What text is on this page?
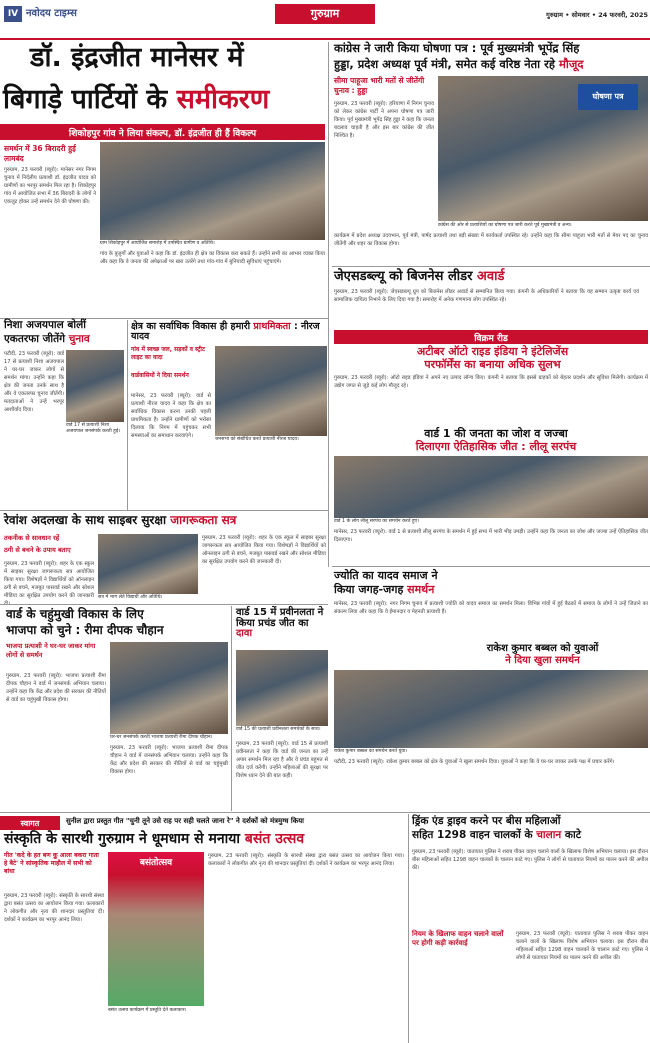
IV नवोदय टाइम्स	गुरुग्राम	गुरुग्राम • सोमवार • 24 फरवरी, 2025
डॉ. इंद्रजीत मानेसर में
बिगाड़े पार्टियों के समीकरण
शिकोहपुर गांव ने लिया संकल्प, डॉ. इंद्रजीत ही हैं विकल्प
समर्थन में 36 बिरादरी हुई लामबंद
गुरुग्राम, 23 फरवरी (ब्यूरो): मानेसर नगर निगम चुनाव में निर्दलीय प्रत्याशी डॉ. इंद्रजीत यादव को ग्रामीणों का भरपूर समर्थन मिल रहा है। शिकोहपुर गांव में आयोजित सभा में 36 बिरादरी के लोगों ने एकजुट होकर उन्हें समर्थन देने की घोषणा की।
ग्राम शिकोहपुर में आयोजित समारोह में उपस्थित ग्रामीण व अतिथि।
गांव के बुजुर्गों और युवाओं ने कहा कि डॉ. इंद्रजीत ही क्षेत्र का विकास करा सकते हैं। उन्होंने सभी का आभार व्यक्त किया और कहा कि वे जनता की अपेक्षाओं पर खरा उतरेंगे तथा गांव-गांव में बुनियादी सुविधाएं पहुंचाएंगे।
कांग्रेस ने जारी किया घोषणा पत्र : पूर्व मुख्यमंत्री भूपेंद्र सिंह
हुड्डा, प्रदेश अध्यक्ष पूर्व मंत्री, समेत कई वरिष्ठ नेता रहे मौजूद
सीमा पाहूजा भारी मतों से जीतेंगी चुनाव : हुड्डा
गुरुग्राम, 23 फरवरी (ब्यूरो): हरियाणा में निगम चुनाव को लेकर कांग्रेस पार्टी ने अपना घोषणा पत्र जारी किया। पूर्व मुख्यमंत्री भूपेंद्र सिंह हुड्डा ने कहा कि जनता बदलाव चाहती है और इस बार कांग्रेस की जीत निश्चित है।
घोषणा पत्र
कांग्रेस की ओर से प्रत्याशियों का घोषणा पत्र जारी करते पूर्व मुख्यमंत्री व अन्य।
कार्यक्रम में प्रदेश अध्यक्ष उदयभान, पूर्व मंत्री, पार्षद प्रत्याशी तथा बड़ी संख्या में कार्यकर्ता उपस्थित रहे। उन्होंने कहा कि सीमा पाहूजा भारी मतों से मेयर पद का चुनाव जीतेंगी और शहर का विकास होगा।
जेएसडब्ल्यू को बिजनेस लीडर अवार्ड
गुरुग्राम, 23 फरवरी (ब्यूरो): जेएसडब्ल्यू ग्रुप को बिजनेस लीडर अवार्ड से सम्मानित किया गया। कंपनी के अधिकारियों ने बताया कि यह सम्मान उत्कृष्ट कार्य एवं सामाजिक दायित्व निभाने के लिए दिया गया है। समारोह में अनेक गणमान्य लोग उपस्थित रहे।
विक्रम रीड
अटीबर ऑटो राइड इंडिया ने इंटेलिजेंस
परफॉर्मेंस का बनाया अधिक सुलभ
गुरुग्राम, 23 फरवरी (ब्यूरो): ऑटो राइड इंडिया ने अपने नए उत्पाद लॉन्च किए। कंपनी ने बताया कि इससे ग्राहकों को बेहतर प्रदर्शन और सुविधा मिलेगी। कार्यक्रम में उद्योग जगत से जुड़े कई लोग मौजूद रहे।
वार्ड 1 की जनता का जोश व जज्बा
दिलाएगा ऐतिहासिक जीत : लीलू सरपंच
वार्ड 1 के लोग लीलू सरपंच का समर्थन करते हुए।
मानेसर, 23 फरवरी (ब्यूरो): वार्ड 1 से प्रत्याशी लीलू सरपंच के समर्थन में हुई सभा में भारी भीड़ उमड़ी। उन्होंने कहा कि जनता का जोश और जज्बा उन्हें ऐतिहासिक जीत दिलाएगा।
निशा अजयपाल बोलीं
एकतरफा जीतेंगे चुनाव
पटौदी, 23 फरवरी (ब्यूरो): वार्ड 17 से प्रत्याशी निशा अजयपाल ने घर-घर जाकर लोगों से समर्थन मांगा। उन्होंने कहा कि क्षेत्र की जनता उनके साथ है और वे एकतरफा चुनाव जीतेंगी। मतदाताओं ने उन्हें भरपूर आशीर्वाद दिया।
वार्ड 17 से प्रत्याशी निशा अजयपाल जनसंपर्क करती हुई।
क्षेत्र का सर्वाधिक विकास ही हमारी प्राथमिकता : नीरज यादव
गांव में स्वच्छ जल, सड़कों व स्ट्रीट लाइट का वादा
वार्डवासियों ने दिया समर्थन
मानेसर, 23 फरवरी (ब्यूरो): वार्ड से प्रत्याशी नीरज यादव ने कहा कि क्षेत्र का सर्वाधिक विकास करना उनकी पहली प्राथमिकता है। उन्होंने ग्रामीणों को भरोसा दिलाया कि निगम में पहुंचकर सभी समस्याओं का समाधान करवाएंगे।
जनसभा को संबोधित करते प्रत्याशी नीरज यादव।
रेवांश अदलखा के साथ साइबर सुरक्षा जागरूकता सत्र
तकनीक से सावधान रहें
ठगी से बचने के उपाय बताए
गुरुग्राम, 23 फरवरी (ब्यूरो): शहर के एक स्कूल में साइबर सुरक्षा जागरूकता सत्र आयोजित किया गया। विशेषज्ञों ने विद्यार्थियों को ऑनलाइन ठगी से बचने, मजबूत पासवर्ड रखने और सोशल मीडिया का सुरक्षित उपयोग करने की जानकारी सत्र में भाग लेते विद्यार्थी और अतिथि।
गुरुग्राम, 23 फरवरी (ब्यूरो): शहर के एक स्कूल में साइबर सुरक्षा जागरूकता सत्र आयोजित किया गया। विशेषज्ञों ने विद्यार्थियों को ऑनलाइन ठगी से बचने, मजबूत पासवर्ड रखने और सोशल मीडिया का सुरक्षित उपयोग करने की जानकारी दी।
ज्योति का यादव समाज ने
किया जगह-जगह समर्थन
मानेसर, 23 फरवरी (ब्यूरो): नगर निगम चुनाव में प्रत्याशी ज्योति को यादव समाज का समर्थन मिला। विभिन्न गांवों में हुई बैठकों में समाज के लोगों ने उन्हें जिताने का संकल्प लिया और कहा कि वे ईमानदार व मेहनती प्रत्याशी हैं।
राकेश कुमार बब्बल को युवाओं
ने दिया खुला समर्थन
राकेश कुमार बब्बल का समर्थन करते युवा।
पटौदी, 23 फरवरी (ब्यूरो): राकेश कुमार बब्बल को क्षेत्र के युवाओं ने खुला समर्थन दिया। युवाओं ने कहा कि वे घर-घर जाकर उनके पक्ष में प्रचार करेंगे।
वार्ड के चहुंमुखी विकास के लिए
भाजपा को चुने : रीमा दीपक चौहान
भाजपा प्रत्याशी ने घर-घर जाकर मांगा लोगों से समर्थन
गुरुग्राम, 23 फरवरी (ब्यूरो): भाजपा प्रत्याशी रीमा दीपक चौहान ने वार्ड में जनसंपर्क अभियान चलाया। उन्होंने कहा कि केंद्र और प्रदेश की सरकार की नीतियों से वार्ड का चहुंमुखी विकास होगा।
घर-घर जनसंपर्क करती भाजपा प्रत्याशी रीमा दीपक चौहान।
गुरुग्राम, 23 फरवरी (ब्यूरो): भाजपा प्रत्याशी रीमा दीपक चौहान ने वार्ड में जनसंपर्क अभियान चलाया। उन्होंने कहा कि केंद्र और प्रदेश की सरकार की नीतियों से वार्ड का चहुंमुखी विकास होगा।
वार्ड 15 में प्रवीनलता ने किया प्रचंड जीत का दावा
वार्ड 15 की प्रत्याशी प्रवीनलता समर्थकों के साथ।
गुरुग्राम, 23 फरवरी (ब्यूरो): वार्ड 15 से प्रत्याशी प्रवीनलता ने कहा कि वार्ड की जनता का उन्हें अपार समर्थन मिल रहा है और वे प्रचंड बहुमत से जीत दर्ज करेंगी। उन्होंने महिलाओं की सुरक्षा पर विशेष ध्यान देने की बात कही।
स्वागत	सुनील द्वारा प्रस्तुत गीत "चुनी तूने उसे राह पर सही चलते जाना रे" ने दर्शकों को मंत्रमुग्ध किया
संस्कृति के सारथी गुरुग्राम ने धूमधाम से मनाया बसंत उत्सव
गीत 'कदे के हत बण कुू आला बकरा गाता हे बैटे' ने सांस्कृतिक माहौल में सभी को बांधा
गुरुग्राम, 23 फरवरी (ब्यूरो): संस्कृति के सारथी संस्था द्वारा बसंत उत्सव का आयोजन किया गया। कलाकारों ने लोकगीत और नृत्य की शानदार प्रस्तुतियां दीं। दर्शकों ने कार्यक्रम का भरपूर आनंद लिया।
बसंतोत्सव
बसंत उत्सव कार्यक्रम में प्रस्तुति देते कलाकार।
गुरुग्राम, 23 फरवरी (ब्यूरो): संस्कृति के सारथी संस्था द्वारा बसंत उत्सव का आयोजन किया गया। कलाकारों ने लोकगीत और नृत्य की शानदार प्रस्तुतियां दीं। दर्शकों ने कार्यक्रम का भरपूर आनंद लिया।
ड्रिंक एंड ड्राइव करने पर बीस महिलाओं
सहित 1298 वाहन चालकों के चालान काटे
गुरुग्राम, 23 फरवरी (ब्यूरो): यातायात पुलिस ने शराब पीकर वाहन चलाने वालों के खिलाफ विशेष अभियान चलाया। इस दौरान बीस महिलाओं सहित 1298 वाहन चालकों के चालान काटे गए। पुलिस ने लोगों से यातायात नियमों का पालन करने की अपील की।
नियम के खिलाफ वाहन चलाने वालों पर होगी कड़ी कार्रवाई
गुरुग्राम, 23 फरवरी (ब्यूरो): यातायात पुलिस ने शराब पीकर वाहन चलाने वालों के खिलाफ विशेष अभियान चलाया। इस दौरान बीस महिलाओं सहित 1298 वाहन चालकों के चालान काटे गए। पुलिस ने लोगों से यातायात नियमों का पालन करने की अपील की।
